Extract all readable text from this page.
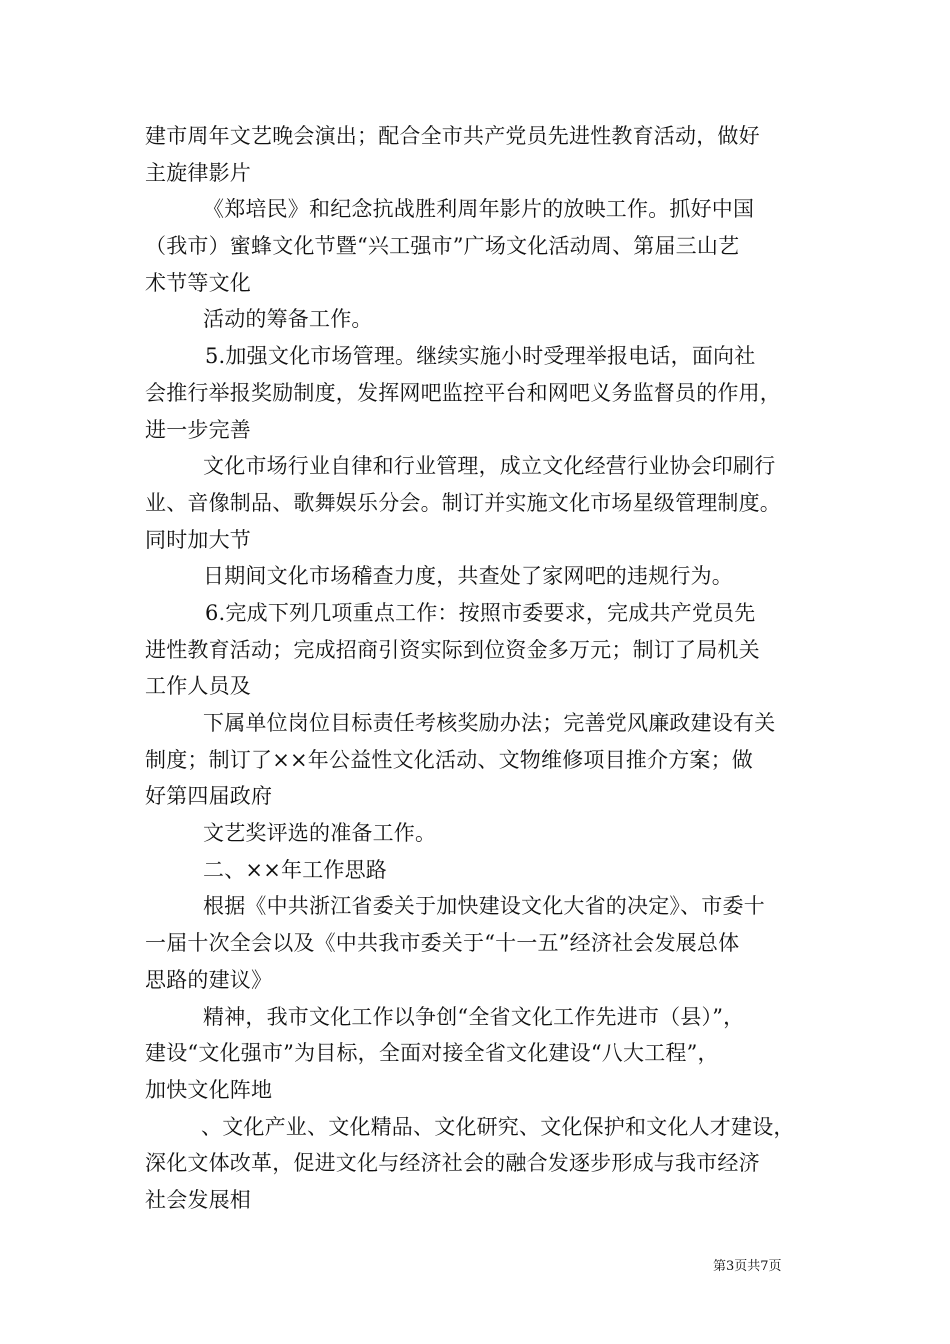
建市周年文艺晚会演出；配合全市共产党员先进性教育活动，做好
主旋律影片
《郑培民》和纪念抗战胜利周年影片的放映工作。抓好中国
（我市）蜜蜂文化节暨“兴工强市”广场文化活动周、第届三山艺
术节等文化
活动的筹备工作。
5.加强文化市场管理。继续实施小时受理举报电话，面向社
会推行举报奖励制度，发挥网吧监控平台和网吧义务监督员的作用，
进一步完善
文化市场行业自律和行业管理，成立文化经营行业协会印刷行
业、音像制品、歌舞娱乐分会。制订并实施文化市场星级管理制度。
同时加大节
日期间文化市场稽查力度，共查处了家网吧的违规行为。
6.完成下列几项重点工作：按照市委要求，完成共产党员先
进性教育活动；完成招商引资实际到位资金多万元；制订了局机关
工作人员及
下属单位岗位目标责任考核奖励办法；完善党风廉政建设有关
制度；制订了××年公益性文化活动、文物维修项目推介方案；做
好第四届政府
文艺奖评选的准备工作。
二、××年工作思路
根据《中共浙江省委关于加快建设文化大省的决定》、市委十
一届十次全会以及《中共我市委关于“十一五”经济社会发展总体
思路的建议》
精神，我市文化工作以争创“全省文化工作先进市（县）”，
建设“文化强市”为目标，全面对接全省文化建设“八大工程”，
加快文化阵地
、文化产业、文化精品、文化研究、文化保护和文化人才建设，
深化文体改革，促进文化与经济社会的融合发逐步形成与我市经济
社会发展相
第3页共7页
